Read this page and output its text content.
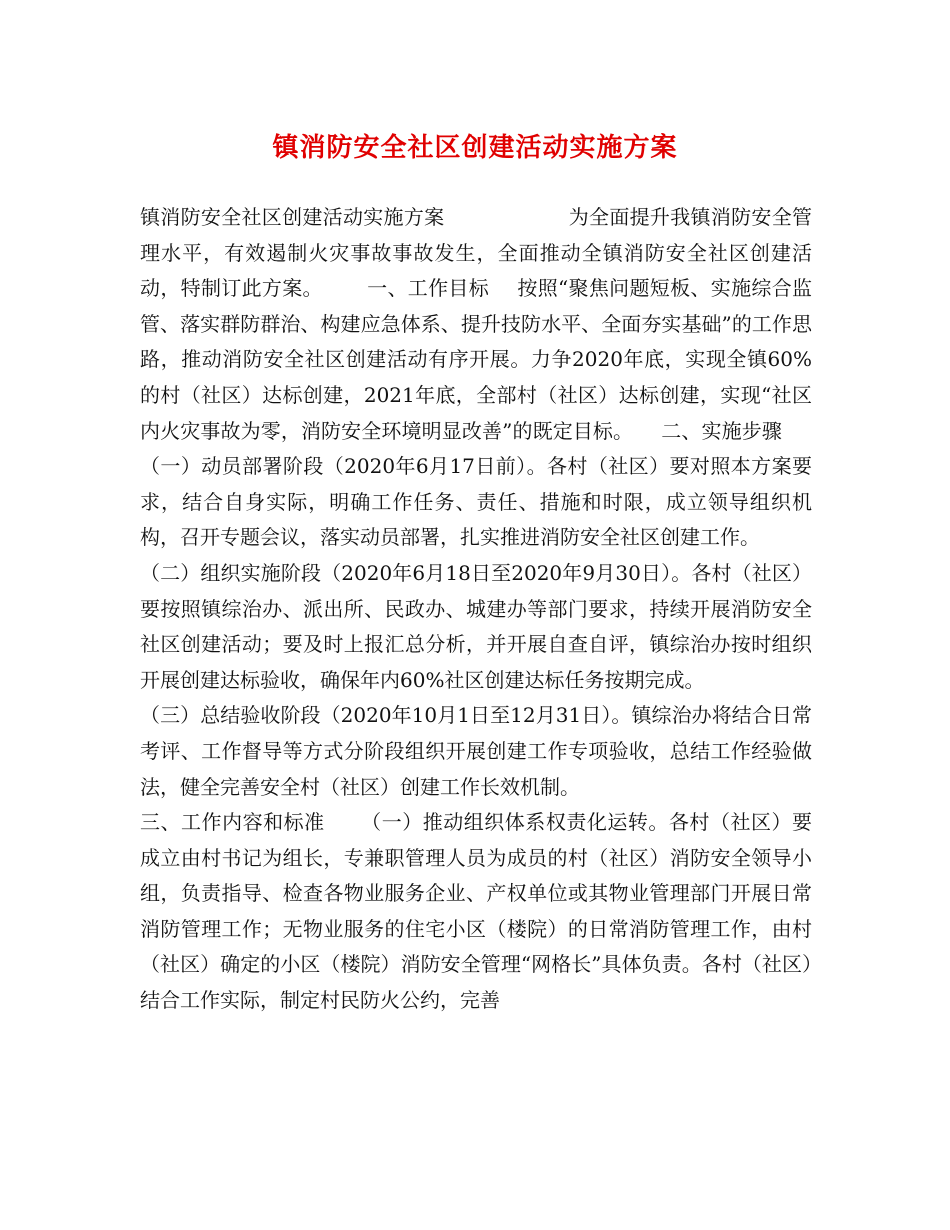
镇消防安全社区创建活动实施方案

镇消防安全社区创建活动实施方案	为全面提升我镇消防安全管理水平，有效遏制火灾事故事故发生，全面推动全镇消防安全社区创建活动，特制订此方案。 一、工作目标 按照“聚焦问题短板、实施综合监管、落实群防群治、构建应急体系、提升技防水平、全面夯实基础”的工作思路，推动消防安全社区创建活动有序开展。力争2020年底，实现全镇60%的村（社区）达标创建，2021年底，全部村（社区）达标创建，实现“社区内火灾事故为零，消防安全环境明显改善”的既定目标。 二、实施步骤（一）动员部署阶段（2020年6月17日前）。各村（社区）要对照本方案要求，结合自身实际，明确工作任务、责任、措施和时限，成立领导组织机构，召开专题会议，落实动员部署，扎实推进消防安全社区创建工作。

（二）组织实施阶段（2020年6月18日至2020年9月30日）。各村（社区）要按照镇综治办、派出所、民政办、城建办等部门要求，持续开展消防安全社区创建活动；要及时上报汇总分析，并开展自查自评，镇综治办按时组织开展创建达标验收，确保年内60%社区创建达标任务按期完成。

（三）总结验收阶段（2020年10月1日至12月31日）。镇综治办将结合日常考评、工作督导等方式分阶段组织开展创建工作专项验收，总结工作经验做法，健全完善安全村（社区）创建工作长效机制。

三、工作内容和标准 （一）推动组织体系权责化运转。各村（社区）要成立由村书记为组长，专兼职管理人员为成员的村（社区）消防安全领导小组，负责指导、检查各物业服务企业、产权单位或其物业管理部门开展日常消防管理工作；无物业服务的住宅小区（楼院）的日常消防管理工作，由村（社区）确定的小区（楼院）消防安全管理“网格长”具体负责。各村（社区）结合工作实际，制定村民防火公约，完善
